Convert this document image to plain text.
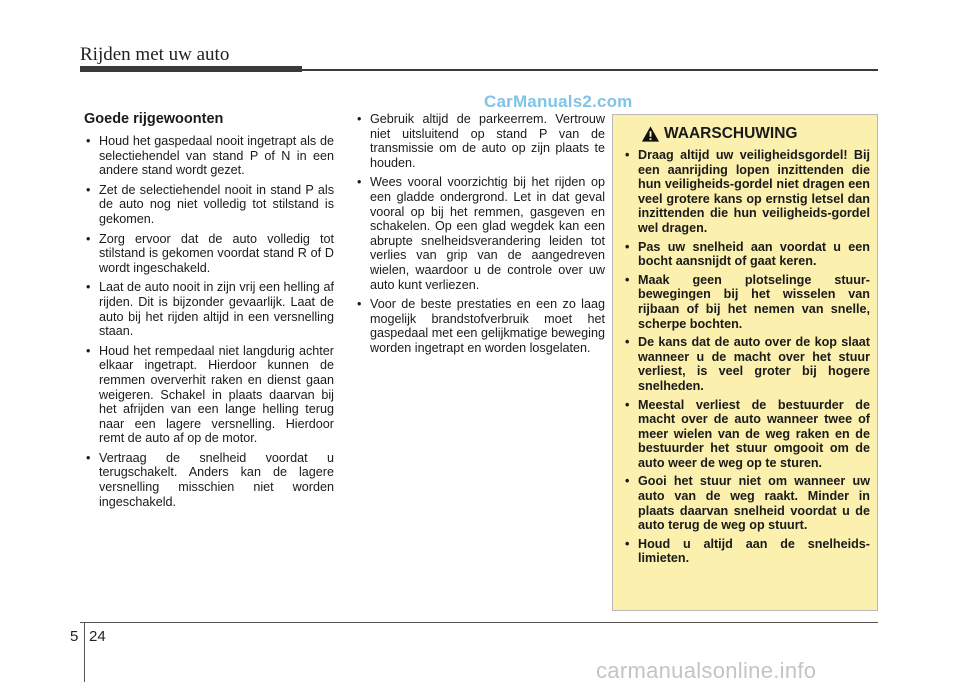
Rijden met uw auto
CarManuals2.com
Goede rijgewoonten
• Houd het gaspedaal nooit ingetrapt als de selectiehendel van stand P of N in een andere stand wordt gezet.
• Zet de selectiehendel nooit in stand P als de auto nog niet volledig tot stilstand is gekomen.
• Zorg ervoor dat de auto volledig tot stilstand is gekomen voordat stand R of D wordt ingeschakeld.
• Laat de auto nooit in zijn vrij een helling af rijden. Dit is bijzonder gevaarlijk. Laat de auto bij het rijden altijd in een versnelling staan.
• Houd het rempedaal niet langdurig achter elkaar ingetrapt. Hierdoor kunnen de remmen oververhit raken en dienst gaan weigeren. Schakel in plaats daarvan bij het afrijden van een lange helling terug naar een lagere versnelling. Hierdoor remt de auto af op de motor.
• Vertraag de snelheid voordat u terugschakelt. Anders kan de lagere versnelling misschien niet worden ingeschakeld.
• Gebruik altijd de parkeerrem. Vertrouw niet uitsluitend op stand P van de transmissie om de auto op zijn plaats te houden.
• Wees vooral voorzichtig bij het rijden op een gladde ondergrond. Let in dat geval vooral op bij het remmen, gasgeven en schakelen. Op een glad wegdek kan een abrupte snelheidsverandering leiden tot verlies van grip van de aangedreven wielen, waardoor u de controle over uw auto kunt verliezen.
• Voor de beste prestaties en een zo laag mogelijk brandstofverbruik moet het gaspedaal met een gelijkmatige beweging worden ingetrapt en worden losgelaten.
WAARSCHUWING
• Draag altijd uw veiligheidsgordel! Bij een aanrijding lopen inzittenden die hun veiligheids-gordel niet dragen een veel grotere kans op ernstig letsel dan inzittenden die hun veiligheids-gordel wel dragen.
• Pas uw snelheid aan voordat u een bocht aansnijdt of gaat keren.
• Maak geen plotselinge stuur-bewegingen bij het wisselen van rijbaan of bij het nemen van snelle, scherpe bochten.
• De kans dat de auto over de kop slaat wanneer u de macht over het stuur verliest, is veel groter bij hogere snelheden.
• Meestal verliest de bestuurder de macht over de auto wanneer twee of meer wielen van de weg raken en de bestuurder het stuur omgooit om de auto weer de weg op te sturen.
• Gooi het stuur niet om wanneer uw auto van de weg raakt. Minder in plaats daarvan snelheid voordat u de auto terug de weg op stuurt.
• Houd u altijd aan de snelheids-limieten.
5 24
carmanualsonline.info
